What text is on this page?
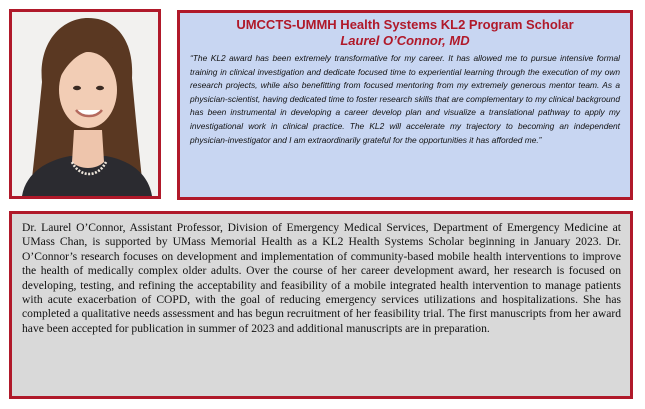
UMCCTS-UMMH Health Systems KL2 Program Scholar

Laurel O’Connor, MD

“The KL2 award has been extremely transformative for my career. It has allowed me to pursue intensive formal training in clinical investigation and dedicate focused time to experiential learning through the execution of my own research projects, while also benefitting from focused mentoring from my extremely generous mentor team. As a physician-scientist, having dedicated time to foster research skills that are complementary to my clinical background has been instrumental in developing a career develop plan and visualize a translational pathway to apply my investigational work in clinical practice. The KL2 will accelerate my trajectory to becoming an independent physician-investigator and I am extraordinarily grateful for the opportunities it has afforded me.”

Dr. Laurel O’Connor, Assistant Professor, Division of Emergency Medical Services, Department of Emergency Medicine at UMass Chan, is supported by UMass Memorial Health as a KL2 Health Systems Scholar beginning in January 2023. Dr. O’Connor’s research focuses on development and implementation of community-based mobile health interventions to improve the health of medically complex older adults. Over the course of her career development award, her research is focused on developing, testing, and refining the acceptability and feasibility of a mobile integrated health intervention to manage patients with acute exacerbation of COPD, with the goal of reducing emergency services utilizations and hospitalizations. She has completed a qualitative needs assessment and has begun recruitment of her feasibility trial. The first manuscripts from her award have been accepted for publication in summer of 2023 and additional manuscripts are in preparation.
